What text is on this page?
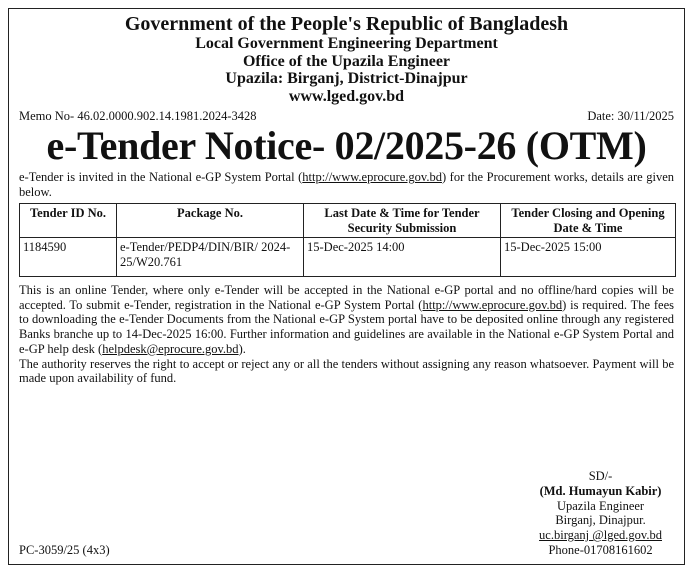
Government of the People's Republic of Bangladesh
Local Government Engineering Department
Office of the Upazila Engineer
Upazila: Birganj, District-Dinajpur
www.lged.gov.bd
Memo No- 46.02.0000.902.14.1981.2024-3428	Date: 30/11/2025
e-Tender Notice- 02/2025-26 (OTM)
e-Tender is invited in the National e-GP System Portal (http://www.eprocure.gov.bd) for the Procurement works, details are given below.
Tender ID No.	Package No.	Last Date & Time for Tender Security Submission	Tender Closing and Opening Date & Time
1184590	e-Tender/PEDP4/DIN/BIR/ 2024-25/W20.761	15-Dec-2025 14:00	15-Dec-2025 15:00
This is an online Tender, where only e-Tender will be accepted in the National e-GP portal and no offline/hard copies will be accepted. To submit e-Tender, registration in the National e-GP System Portal (http://www.eprocure.gov.bd) is required. The fees to downloading the e-Tender Documents from the National e-GP System portal have to be deposited online through any registered Banks branche up to 14-Dec-2025 16:00. Further information and guidelines are available in the National e-GP System Portal and e-GP help desk (helpdesk@eprocure.gov.bd).
The authority reserves the right to accept or reject any or all the tenders without assigning any reason whatsoever. Payment will be made upon availability of fund.
SD/-
(Md. Humayun Kabir)
Upazila Engineer
Birganj, Dinajpur.
uc.birganj @lged.gov.bd
Phone-01708161602
PC-3059/25 (4x3)
